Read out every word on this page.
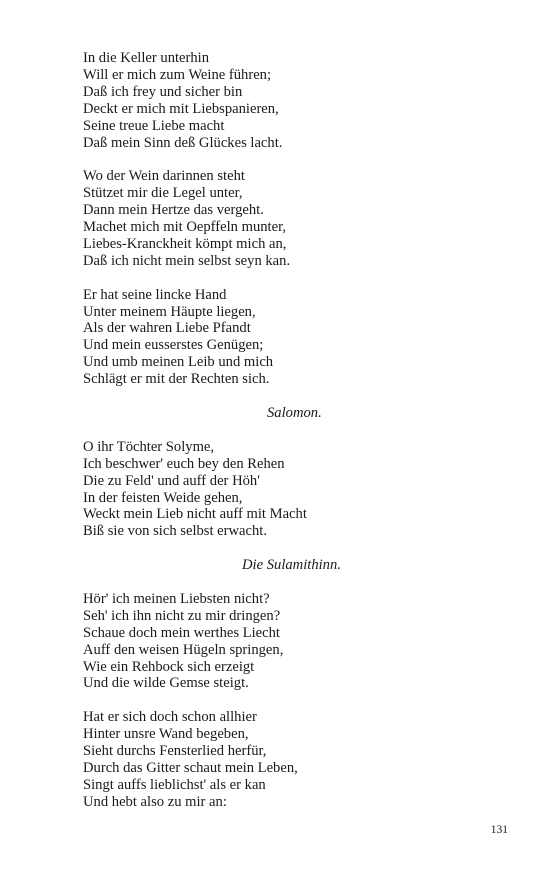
In die Keller unterhin
Will er mich zum Weine führen;
Daß ich frey und sicher bin
Deckt er mich mit Liebspanieren,
Seine treue Liebe macht
Daß mein Sinn deß Glückes lacht.
Wo der Wein darinnen steht
Stützet mir die Legel unter,
Dann mein Hertze das vergeht.
Machet mich mit Oepffeln munter,
Liebes-Kranckheit kömpt mich an,
Daß ich nicht mein selbst seyn kan.
Er hat seine lincke Hand
Unter meinem Häupte liegen,
Als der wahren Liebe Pfandt
Und mein eusserstes Genügen;
Und umb meinen Leib und mich
Schlägt er mit der Rechten sich.
Salomon.
O ihr Töchter Solyme,
Ich beschwer' euch bey den Rehen
Die zu Feld' und auff der Höh'
In der feisten Weide gehen,
Weckt mein Lieb nicht auff mit Macht
Biß sie von sich selbst erwacht.
Die Sulamithinn.
Hör' ich meinen Liebsten nicht?
Seh' ich ihn nicht zu mir dringen?
Schaue doch mein werthes Liecht
Auff den weisen Hügeln springen,
Wie ein Rehbock sich erzeigt
Und die wilde Gemse steigt.
Hat er sich doch schon allhier
Hinter unsre Wand begeben,
Sieht durchs Fensterlied herfür,
Durch das Gitter schaut mein Leben,
Singt auffs lieblichst' als er kan
Und hebt also zu mir an:
131
